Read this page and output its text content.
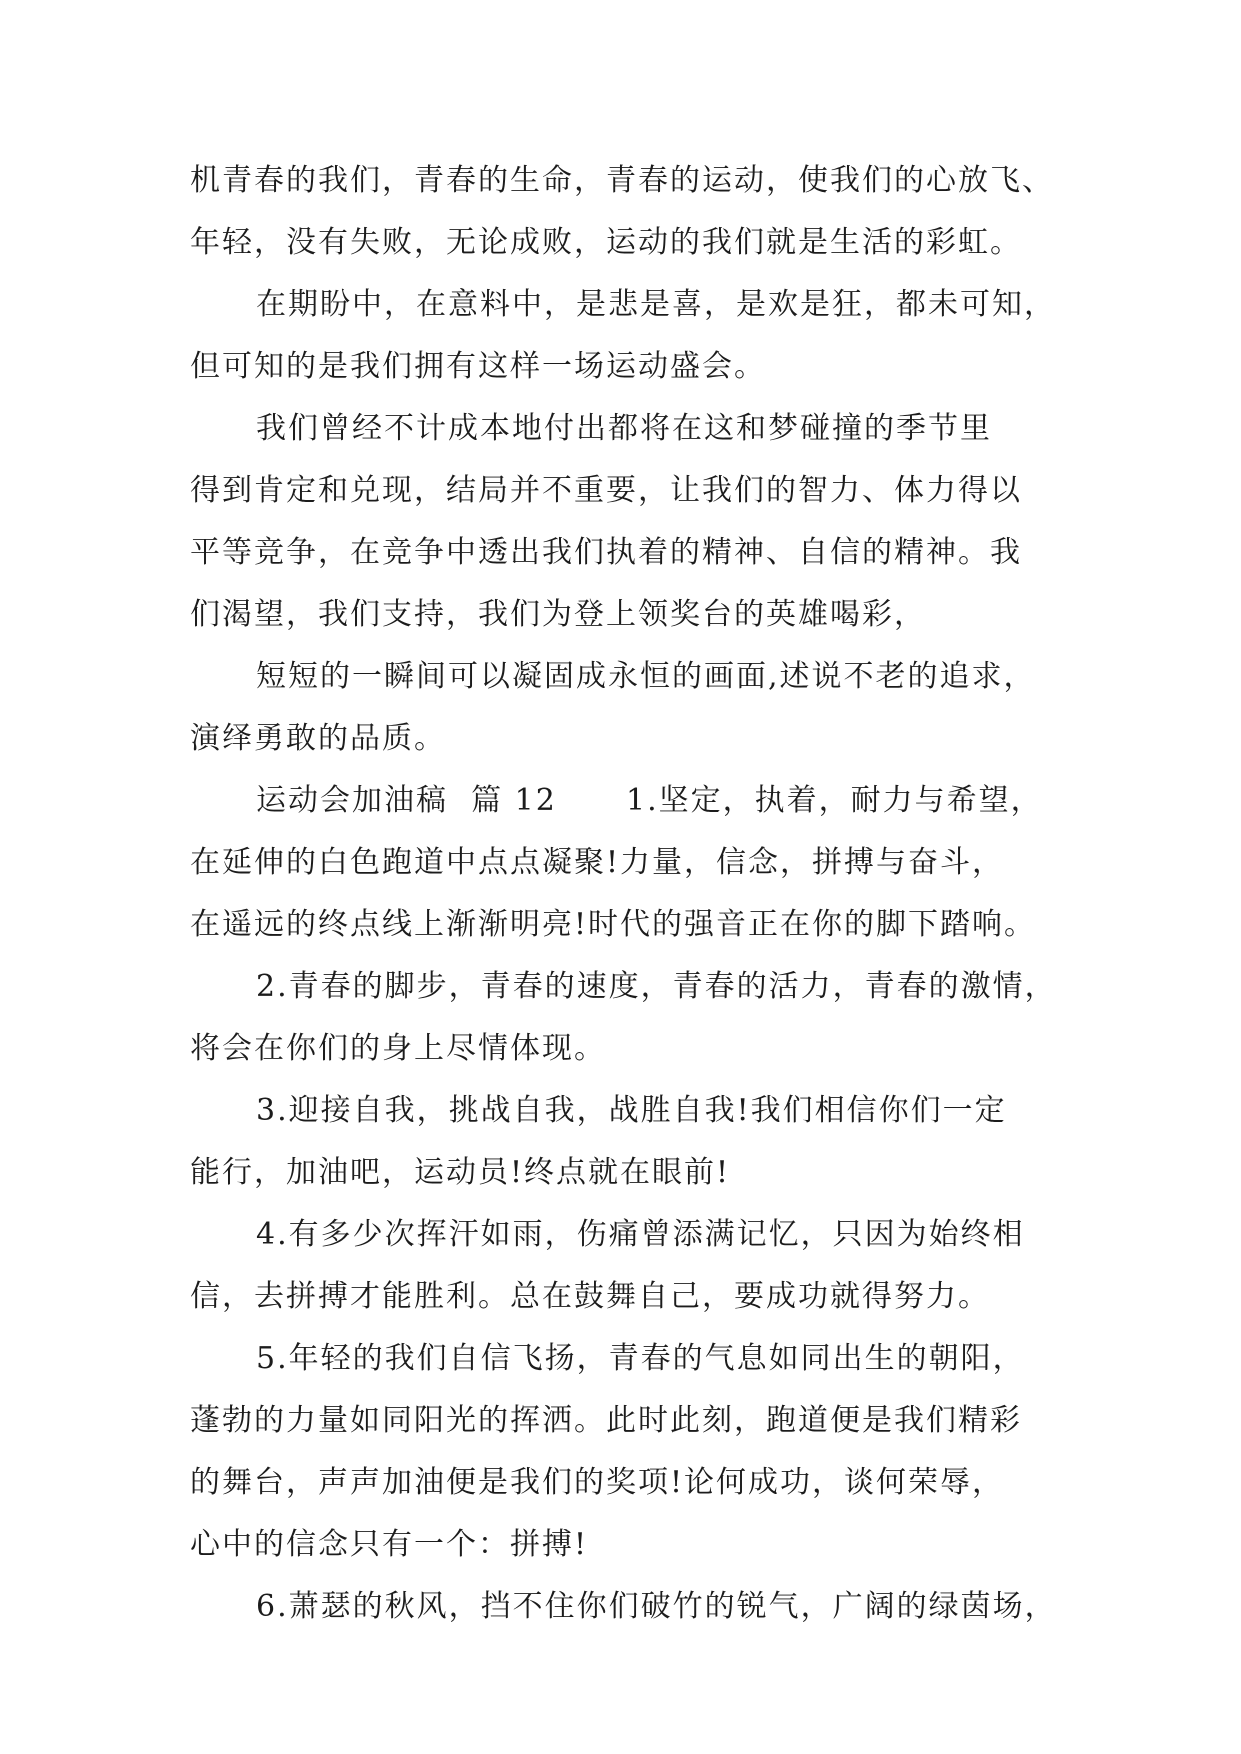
机青春的我们，青春的生命，青春的运动，使我们的心放飞、
年轻，没有失败，无论成败，运动的我们就是生活的彩虹。
在期盼中，在意料中，是悲是喜，是欢是狂，都未可知，
但可知的是我们拥有这样一场运动盛会。
我们曾经不计成本地付出都将在这和梦碰撞的季节里
得到肯定和兑现，结局并不重要，让我们的智力、体力得以
平等竞争，在竞争中透出我们执着的精神、自信的精神。我
们渴望，我们支持，我们为登上领奖台的英雄喝彩，
短短的一瞬间可以凝固成永恒的画面,述说不老的追求，
演绎勇敢的品质。
运动会加油稿  篇 12      1.坚定，执着，耐力与希望，
在延伸的白色跑道中点点凝聚!力量，信念，拼搏与奋斗，
在遥远的终点线上渐渐明亮!时代的强音正在你的脚下踏响。
2.青春的脚步，青春的速度，青春的活力，青春的激情，
将会在你们的身上尽情体现。
3.迎接自我，挑战自我，战胜自我!我们相信你们一定
能行，加油吧，运动员!终点就在眼前!
4.有多少次挥汗如雨，伤痛曾添满记忆，只因为始终相
信，去拼搏才能胜利。总在鼓舞自己，要成功就得努力。
5.年轻的我们自信飞扬，青春的气息如同出生的朝阳，
蓬勃的力量如同阳光的挥洒。此时此刻，跑道便是我们精彩
的舞台，声声加油便是我们的奖项!论何成功，谈何荣辱，
心中的信念只有一个：拼搏!
6.萧瑟的秋风，挡不住你们破竹的锐气，广阔的绿茵场，
